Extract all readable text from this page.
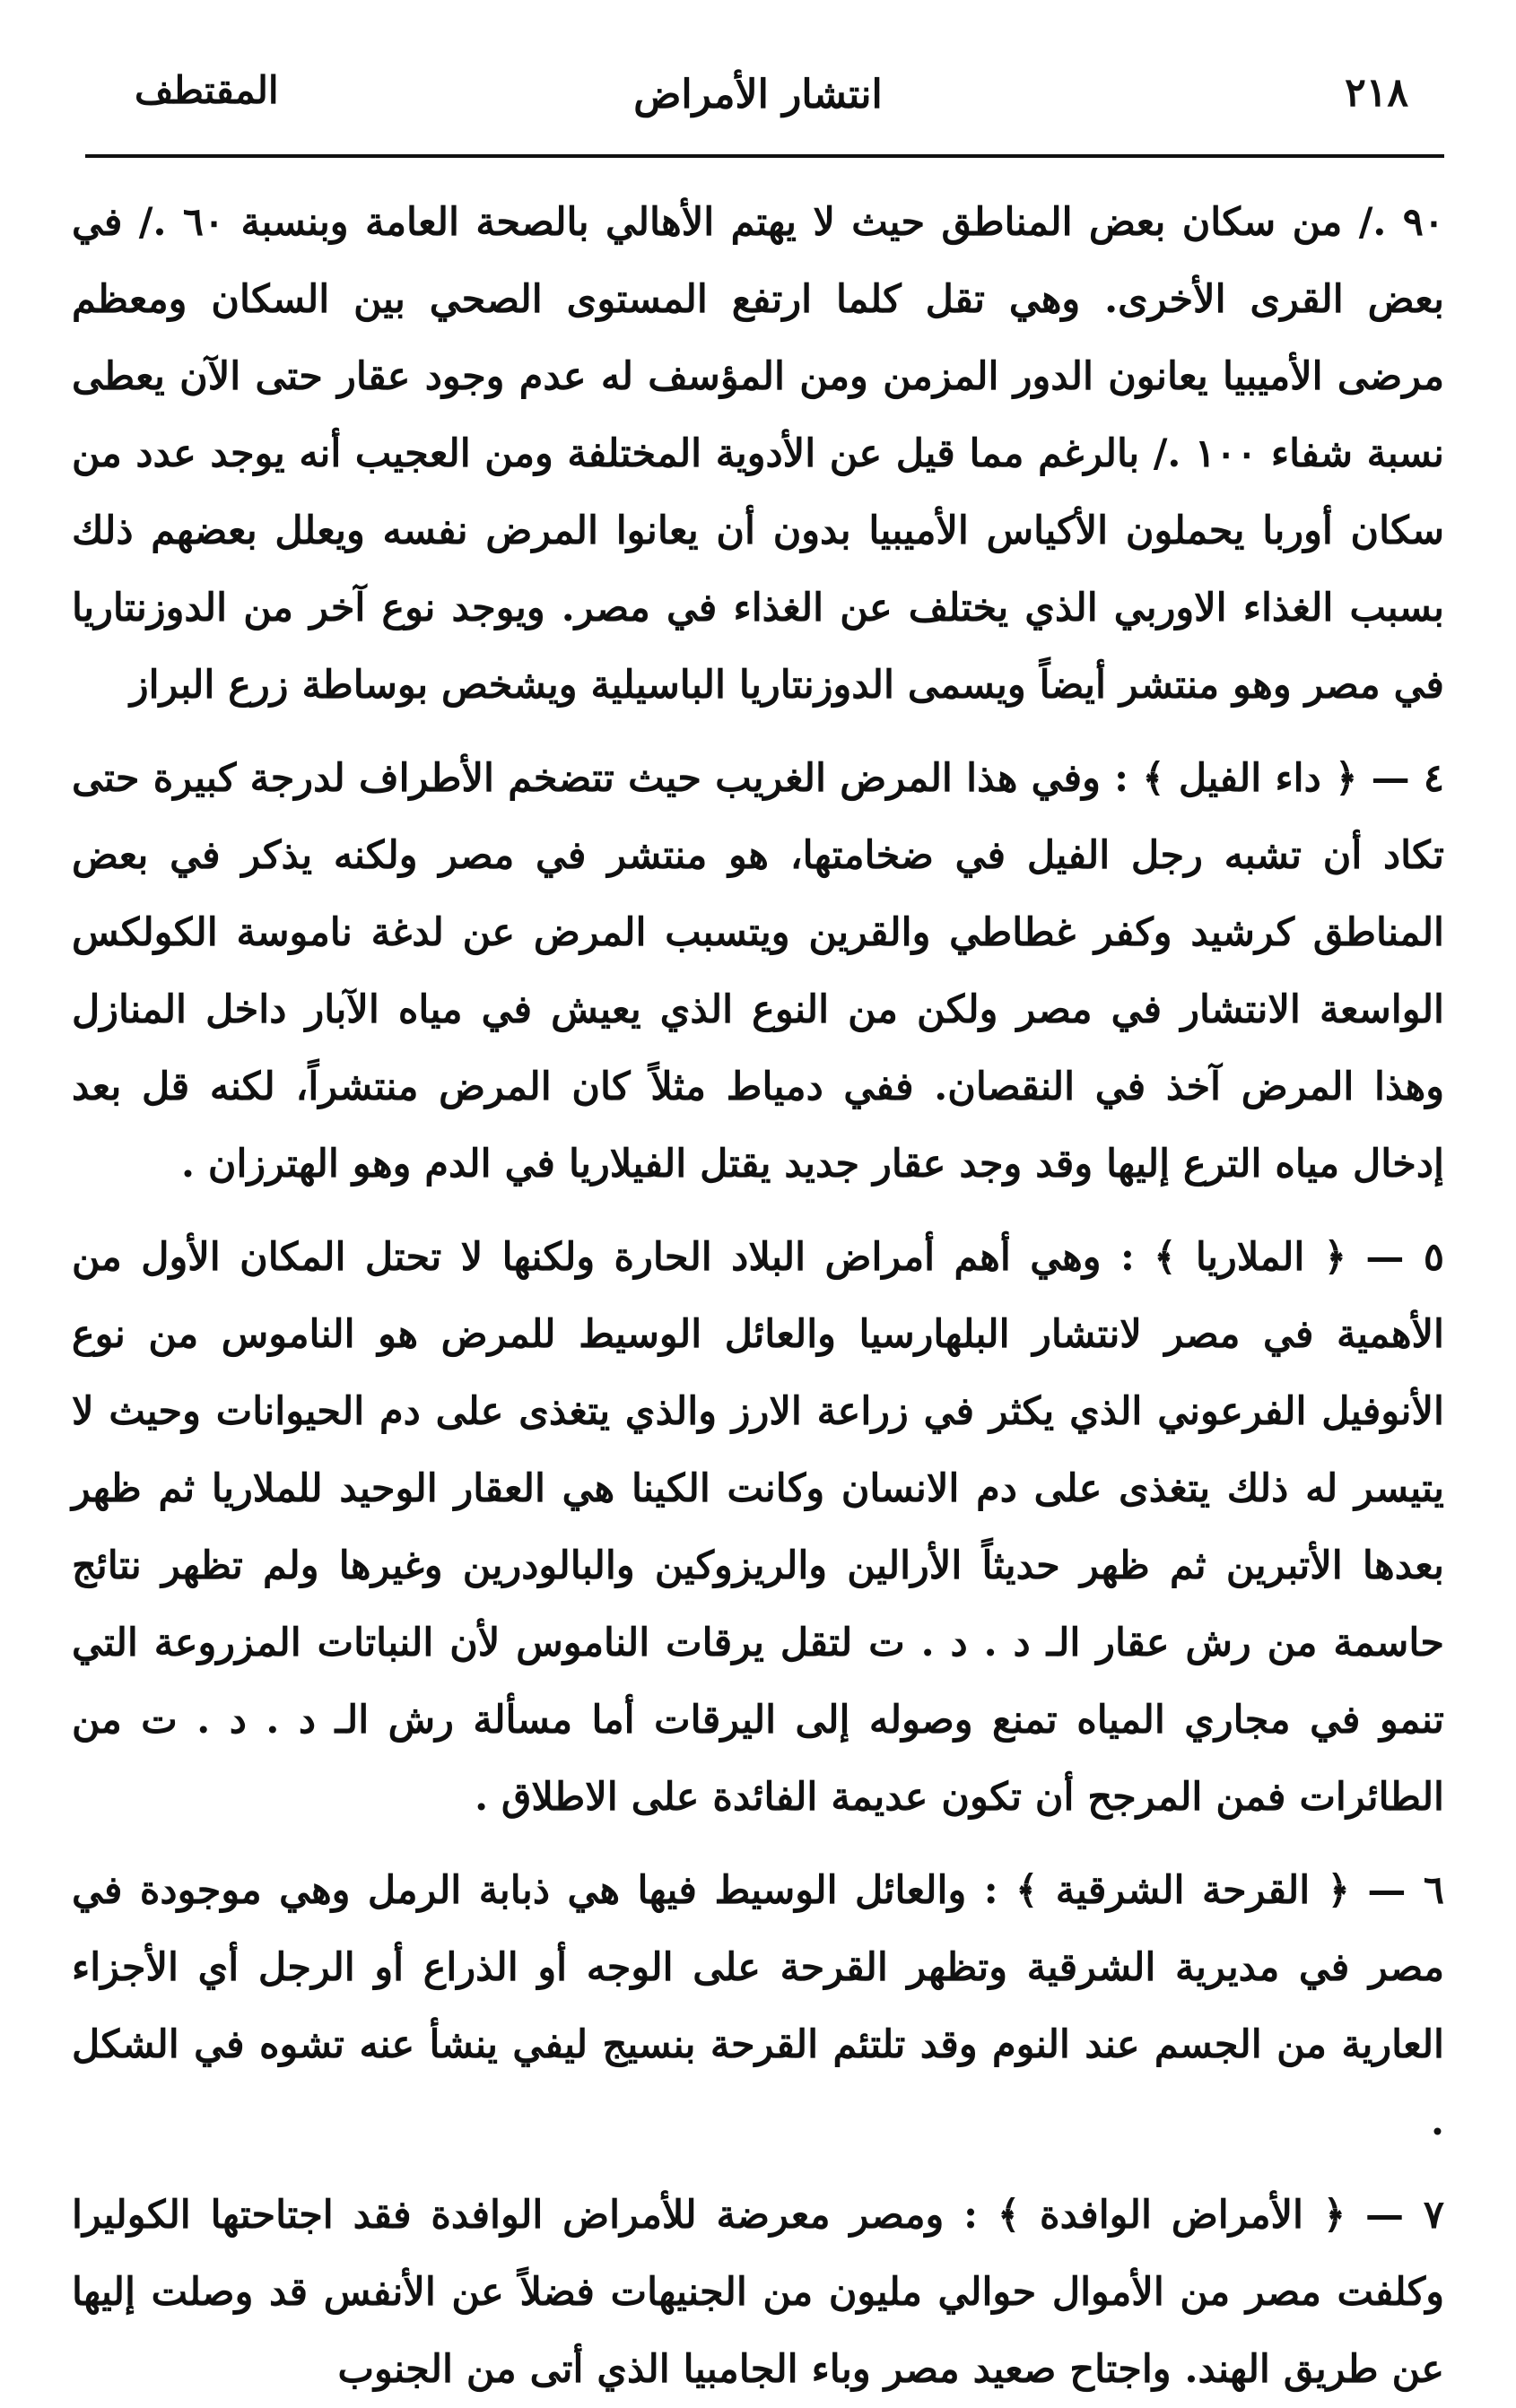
٢١٨
انتشار الأمراض
المقتطف

٩٠ ./ من سكان بعض المناطق حيث لا يهتم الأهالي بالصحة العامة وبنسبة ٦٠ ./ في بعض القرى الأخرى. وهي تقل كلما ارتفع المستوى الصحي بين السكان ومعظم مرضى الأميبيا يعانون الدور المزمن ومن المؤسف له عدم وجود عقار حتى الآن يعطى نسبة شفاء ١٠٠ ./ بالرغم مما قيل عن الأدوية المختلفة ومن العجيب أنه يوجد عدد من سكان أوربا يحملون الأكياس الأميبيا بدون أن يعانوا المرض نفسه ويعلل بعضهم ذلك بسبب الغذاء الاوربي الذي يختلف عن الغذاء في مصر. ويوجد نوع آخر من الدوزنتاريا في مصر وهو منتشر أيضاً ويسمى الدوزنتاريا الباسيلية ويشخص بوساطة زرع البراز

٤ — ﴿ داء الفيل ﴾ : وفي هذا المرض الغريب حيث تتضخم الأطراف لدرجة كبيرة حتى تكاد أن تشبه رجل الفيل في ضخامتها، هو منتشر في مصر ولكنه يذكر في بعض المناطق كرشيد وكفر غطاطي والقرين ويتسبب المرض عن لدغة ناموسة الكولكس الواسعة الانتشار في مصر ولكن من النوع الذي يعيش في مياه الآبار داخل المنازل وهذا المرض آخذ في النقصان. ففي دمياط مثلاً كان المرض منتشراً، لكنه قل بعد إدخال مياه الترع إليها وقد وجد عقار جديد يقتل الفيلاريا في الدم وهو الهترزان .

٥ — ﴿ الملاريا ﴾ : وهي أهم أمراض البلاد الحارة ولكنها لا تحتل المكان الأول من الأهمية في مصر لانتشار البلهارسيا والعائل الوسيط للمرض هو الناموس من نوع الأنوفيل الفرعوني الذي يكثر في زراعة الارز والذي يتغذى على دم الحيوانات وحيث لا يتيسر له ذلك يتغذى على دم الانسان وكانت الكينا هي العقار الوحيد للملاريا ثم ظهر بعدها الأتبرين ثم ظهر حديثاً الأرالين والريزوكين والبالودرين وغيرها ولم تظهر نتائج حاسمة من رش عقار الـ د . د . ت لتقل يرقات الناموس لأن النباتات المزروعة التي تنمو في مجاري المياه تمنع وصوله إلى اليرقات أما مسألة رش الـ د . د . ت من الطائرات فمن المرجح أن تكون عديمة الفائدة على الاطلاق .

٦ — ﴿ القرحة الشرقية ﴾ : والعائل الوسيط فيها هي ذبابة الرمل وهي موجودة في مصر في مديرية الشرقية وتظهر القرحة على الوجه أو الذراع أو الرجل أي الأجزاء العارية من الجسم عند النوم وقد تلتئم القرحة بنسيج ليفي ينشأ عنه تشوه في الشكل .

٧ — ﴿ الأمراض الوافدة ﴾ : ومصر معرضة للأمراض الوافدة فقد اجتاحتها الكوليرا وكلفت مصر من الأموال حوالي مليون من الجنيهات فضلاً عن الأنفس قد وصلت إليها عن طريق الهند. واجتاح صعيد مصر وباء الجامبيا الذي أتى من الجنوب
